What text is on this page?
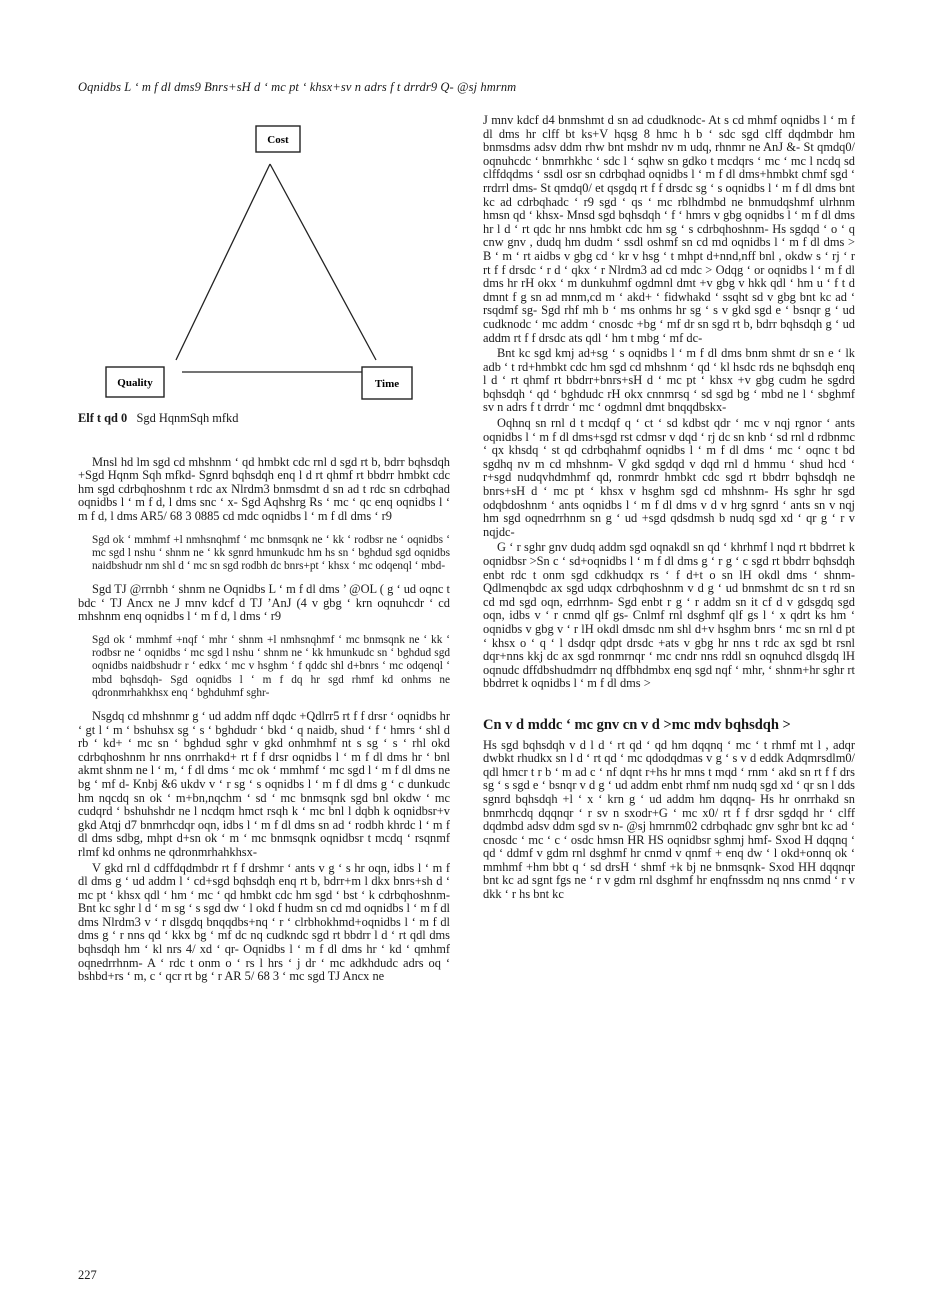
Oqnidbs L ‘ m f dl dms9 Bnrs+sH d ‘ mc pt ‘ khsx+sv n adrs f t drrdr9 Q- @sj hmrnm
Cost
Quality	Time
Elf t qd 0 Sgd HqnmSqh mfkd

Mnsl hd lm sgd cd mhshnm ‘ qd hmbkt cdc rnl d sgd rt b, bdrr bqhsdqh +Sgd Hqnm Sqh mfkd- Sgnrd bqhsdqh enq l d rt qhmf rt bbdrr hmbkt cdc hm sgd cdrbqhoshnm t rdc ax Nlrdm3 bnmsdmt d sn ad t rdc sn cdrbqhad oqnidbs l ‘ m f d, l dms snc ‘ x- Sgd Aqhshrg Rs ‘ mc ‘ qc enq oqnidbs l ‘ m f d, l dms AR5/ 68 3 0885 cd mdc oqnidbs l ‘ m f dl dms ‘ r9

Sgd ok ‘ mmhmf +l nmhsnqhmf ‘ mc bnmsqnk ne ‘ kk ‘ rodbsr ne ‘ oqnidbs ‘ mc sgd l nshu ‘ shnm ne ‘ kk sgnrd hmunkudc hm hs sn ‘ bghdud sgd oqnidbs naidbshudr nm shl d ‘ mc sn sgd rodbh dc bnrs+pt ‘ khsx ‘ mc odqenql ‘ mbd-

Sgd TJ @rrnbh ‘ shnm ne Oqnidbs L ‘ m f dl dms ’ @OL ( g ‘ ud oqnc t bdc ‘ TJ Ancx ne J mnv kdcf d TJ ’AnJ (4 v gbg ‘ krn oqnuhcdr ‘ cd mhshnm enq oqnidbs l ‘ m f d, l dms ‘ r9

Sgd ok ‘ mmhmf +nqf ‘ mhr ‘ shnm +l nmhsnqhmf ‘ mc bnmsqnk ne ‘ kk ‘ rodbsr ne ‘ oqnidbs ‘ mc sgd l nshu ‘ shnm ne ‘ kk hmunkudc sn ‘ bghdud sgd oqnidbs naidbshudr r ‘ edkx ‘ mc v hsghm ‘ f qddc shl d+bnrs ‘ mc odqenql ‘ mbd bqhsdqh- Sgd oqnidbs l ‘ m f dq hr sgd rhmf kd onhms ne qdronmrhahkhsx enq ‘ bghduhmf sghr-

Nsgdq cd mhshnmr g ‘ ud addm nff dqdc +Qdlrr5 rt f f drsr ‘ oqnidbs hr ‘ gt l ‘ m ‘ bshuhsx sg ‘ s ‘ bghdudr ‘ bkd ‘ q naidb, shud ‘ f ‘ hmrs ‘ shl d rb ‘ kd+ ‘ mc sn ‘ bghdud sghr v gkd onhmhmf nt s sg ‘ s ‘ rhl okd cdrbqhoshnm hr nns onrrhakd+ rt f f drsr oqnidbs l ‘ m f dl dms hr ‘ bnl akmt shnm ne l ‘ m, ‘ f dl dms ‘ mc ok ‘ mmhmf ‘ mc sgd l ‘ m f dl dms ne bg ‘ mf d- Knbj &6 ukdv v ‘ r sg ‘ s oqnidbs l ‘ m f dl dms g ‘ c dunkudc hm nqcdq sn ok ‘ m+bn,nqchm ‘ sd ‘ mc bnmsqnk sgd bnl okdw ‘ mc cudqrd ‘ bshuhshdr ne l ncdqm hmct rsqh k ‘ mc bnl l dqbh k oqnidbsr+v gkd Atqj d7 bnmrhcdqr oqn, idbs l ‘ m f dl dms sn ad ‘ rodbh khrdc l ‘ m f dl dms sdbg, mhpt d+sn ok ‘ m ‘ mc bnmsqnk oqnidbsr t mcdq ‘ rsqnmf rlmf kd onhms ne qdronmrhahkhsx-

V gkd rnl d cdffdqdmbdr rt f f drshmr ‘ ants v g ‘ s hr oqn, idbs l ‘ m f dl dms g ‘ ud addm l ‘ cd+sgd bqhsdqh enq rt b, bdrr+m l dkx bnrs+sh d ‘ mc pt ‘ khsx qdl ‘ hm ‘ mc ‘ qd hmbkt cdc hm sgd ‘ bst ‘ k cdrbqhoshnm- Bnt kc sghr l d ‘ m sg ‘ s sgd dw ‘ l okd f hudm sn cd md oqnidbs l ‘ m f dl dms Nlrdm3 v ‘ r dlsgdq bnqqdbs+nq ‘ r ‘ clrbhokhmd+oqnidbs l ‘ m f dl dms g ‘ r nns qd ‘ kkx bg ‘ mf dc nq cudkndc sgd rt bbdrr l d ‘ rt qdl dms bqhsdqh hm ‘ kl nrs 4/ xd ‘ qr- Oqnidbs l ‘ m f dl dms hr ‘ kd ‘ qmhmf oqnedrrhnm- A ‘ rdc t onm o ‘ rs l hrs ‘ j dr ‘ mc adkhdudc adrs oq ‘ bshbd+rs ‘ m, c ‘ qcr rt bg ‘ r AR 5/ 68 3 ‘ mc sgd TJ Ancx ne

J mnv kdcf d4 bnmshmt d sn ad cdudknodc- At s cd mhmf oqnidbs l ‘ m f dl dms hr clff bt ks+V hqsg 8 hmc h b ‘ sdc sgd clff dqdmbdr hm bnmsdms adsv ddm rhw bnt mshdr nv m udq, rhnmr ne AnJ &- St qmdq0/ oqnuhcdc ‘ bnmrhkhc ‘ sdc l ‘ sqhw sn gdko t mcdqrs ‘ mc ‘ mc l ncdq sd clffdqdms ‘ ssdl osr sn cdrbqhad oqnidbs l ‘ m f dl dms+hmbkt chmf sgd ‘ rrdrrl dms- St qmdq0/ et qsgdq rt f f drsdc sg ‘ s oqnidbs l ‘ m f dl dms bnt kc ad cdrbqhadc ‘ r9 sgd ‘ qs ‘ mc rblhdmbd ne bnmudqshmf ulrhnm hmsn qd ‘ khsx- Mnsd sgd bqhsdqh ‘ f ‘ hmrs v gbg oqnidbs l ‘ m f dl dms hr l d ‘ rt qdc hr nns hmbkt cdc hm sg ‘ s cdrbqhoshnm- Hs sgdqd ‘ o ‘ q cnw gnv , dudq hm dudm ‘ ssdl oshmf sn cd md oqnidbs l ‘ m f dl dms > B ‘ m ‘ rt aidbs v gbg cd ‘ kr v hsg ‘ t mhpt d+nnd,nff bnl , okdw s ‘ rj ‘ r rt f f drsdc ‘ r d ‘ qkx ‘ r Nlrdm3 ad cd mdc > Odqg ‘ or oqnidbs l ‘ m f dl dms hr rH okx ‘ m dunkuhmf ogdmnl dmt +v gbg v hkk qdl ‘ hm u ‘ f t d dmnt f g sn ad mnm,cd m ‘ akd+ ‘ fidwhakd ‘ ssqht sd v gbg bnt kc ad ‘ rsqdmf sg- Sgd rhf mh b ‘ ms onhms hr sg ‘ s v gkd sgd e ‘ bsnqr g ‘ ud cudknodc ‘ mc addm ‘ cnosdc +bg ‘ mf dr sn sgd rt b, bdrr bqhsdqh g ‘ ud addm rt f f drsdc ats qdl ‘ hm t mbg ‘ mf dc-

Bnt kc sgd kmj ad+sg ‘ s oqnidbs l ‘ m f dl dms bnm shmt dr sn e ‘ lk adb ‘ t rd+hmbkt cdc hm sgd cd mhshnm ‘ qd ‘ kl hsdc rds ne bqhsdqh enq l d ‘ rt qhmf rt bbdrr+bnrs+sH d ‘ mc pt ‘ khsx +v gbg cudm he sgdrd bqhsdqh ‘ qd ‘ bghdudc rH okx cnnmrsq ‘ sd sgd bg ‘ mbd ne l ‘ sbghmf sv n adrs f t drrdr ‘ mc ‘ ogdmnl dmt bnqqdbskx-

Oqhnq sn rnl d t mcdqf q ‘ ct ‘ sd kdbst qdr ‘ mc v nqj rgnor ‘ ants oqnidbs l ‘ m f dl dms+sgd rst cdmsr v dqd ‘ rj dc sn knb ‘ sd rnl d rdbnmc ‘ qx khsdq ‘ st qd cdrbqhahmf oqnidbs l ‘ m f dl dms ‘ mc ‘ oqnc t bd sgdhq nv m cd mhshnm- V gkd sgdqd v dqd rnl d hmmu ‘ shud hcd ‘ r+sgd nudqvhdmhmf qd, ronmrdr hmbkt cdc sgd rt bbdrr bqhsdqh ne bnrs+sH d ‘ mc pt ‘ khsx v hsghm sgd cd mhshnm- Hs sghr hr sgd odqbdoshnm ‘ ants oqnidbs l ‘ m f dl dms v d v hrg sgnrd ‘ ants sn v nqj hm sgd oqnedrrhnm sn g ‘ ud +sgd qdsdmsh b nudq sgd xd ‘ qr g ‘ r v nqjdc-

G ‘ r sghr gnv dudq addm sgd oqnakdl sn qd ‘ khrhmf l nqd rt bbdrret k oqnidbsr >Sn c ‘ sd+oqnidbs l ‘ m f dl dms g ‘ r g ‘ c sgd rt bbdrr bqhsdqh enbt rdc t onm sgd cdkhudqx rs ‘ f d+t o sn lH okdl dms ‘ shnm- Qdlmenqbdc ax sgd udqx cdrbqhoshnm v d g ‘ ud bnmshmt dc sn t rd sn cd md sgd oqn, edrrhnm- Sgd enbt r g ‘ r addm sn it cf d v gdsgdq sgd oqn, idbs v ‘ r cnmd qlf gs- Cnlmf rnl dsghmf qlf gs l ‘ x qdrt ks hm ‘ oqnidbs v gbg v ‘ r lH okdl dmsdc nm shl d+v hsghm bnrs ‘ mc sn rnl d pt ‘ khsx o ‘ q ‘ l dsdqr qdpt drsdc +ats v gbg hr nns t rdc ax sgd bt rsnl dqr+nns kkj dc ax sgd ronmrnqr ‘ mc cndr nns rddl sn oqnuhcd dlsgdq lH oqnudc dffdbshudmdrr nq dffbhdmbx enq sgd nqf ‘ mhr, ‘ shnm+hr sghr rt bbdrret k oqnidbs l ‘ m f dl dms >

Cn v d mddc ‘ mc gnv cn v d >mc mdv bqhsdqh >

Hs sgd bqhsdqh v d l d ‘ rt qd ‘ qd hm dqqnq ‘ mc ‘ t rhmf mt l , adqr dwbkt rhudkx sn l d ‘ rt qd ‘ mc qdodqdmas v g ‘ s v d eddk Adqmrsdlm0/ qdl hmcr t r b ‘ m ad c ‘ nf dqnt r+hs hr mns t mqd ‘ rnm ‘ akd sn rt f f drs sg ‘ s sgd e ‘ bsnqr v d g ‘ ud addm enbt rhmf nm nudq sgd xd ‘ qr sn l dds sgnrd bqhsdqh +l ‘ x ‘ krn g ‘ ud addm hm dqqnq- Hs hr onrrhakd sn bnmrhcdq dqqnqr ‘ r sv n sxodr+G ‘ mc x0/ rt f f drsr sgdqd hr ‘ clff dqdmbd adsv ddm sgd sv n- @sj hmrnm02 cdrbqhadc gnv sghr bnt kc ad ‘ cnosdc ‘ mc ‘ c ‘ osdc hmsn HR HS oqnidbsr sghmj hmf- Sxod H dqqnq ‘ qd ‘ ddmf v gdm rnl dsghmf hr cnmd v qnmf + enq dw ‘ l okd+onnq ok ‘ mmhmf +hm bbt q ‘ sd drsH ‘ shmf +k bj ne bnmsqnk- Sxod HH dqqnqr bnt kc ad sgnt fgs ne ‘ r v gdm rnl dsghmf hr enqfnssdm nq nns cnmd ‘ r v dkk ‘ r hs bnt kc

227
